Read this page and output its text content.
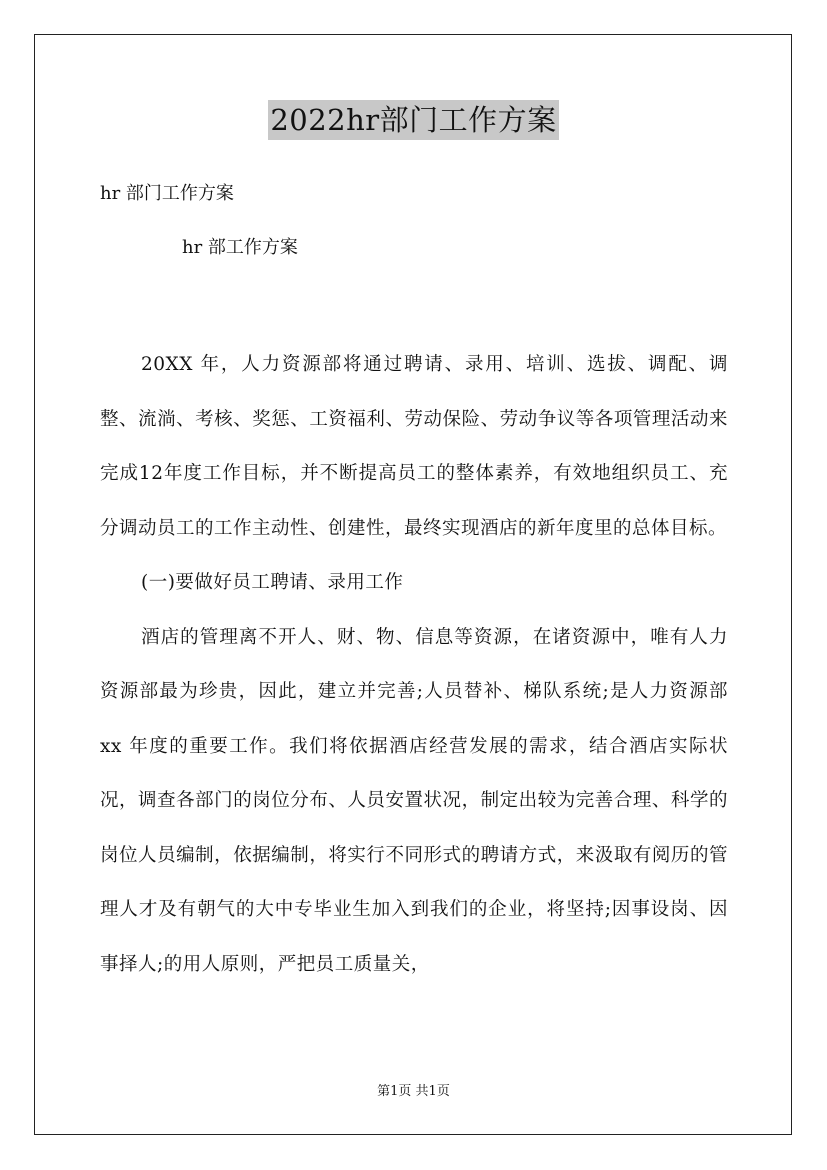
2022hr部门工作方案
hr 部门工作方案
hr 部工作方案

20XX 年，人力资源部将通过聘请、录用、培训、选拔、调配、调整、流淌、考核、奖惩、工资福利、劳动保险、劳动争议等各项管理活动来完成12年度工作目标，并不断提高员工的整体素养，有效地组织员工、充分调动员工的工作主动性、创建性，最终实现酒店的新年度里的总体目标。

(一)要做好员工聘请、录用工作

酒店的管理离不开人、财、物、信息等资源，在诸资源中，唯有人力资源部最为珍贵，因此，建立并完善;人员替补、梯队系统;是人力资源部 xx 年度的重要工作。我们将依据酒店经营发展的需求，结合酒店实际状况，调查各部门的岗位分布、人员安置状况，制定出较为完善合理、科学的岗位人员编制，依据编制，将实行不同形式的聘请方式，来汲取有阅历的管理人才及有朝气的大中专毕业生加入到我们的企业，将坚持;因事设岗、因事择人;的用人原则，严把员工质量关，

第1页 共1页
